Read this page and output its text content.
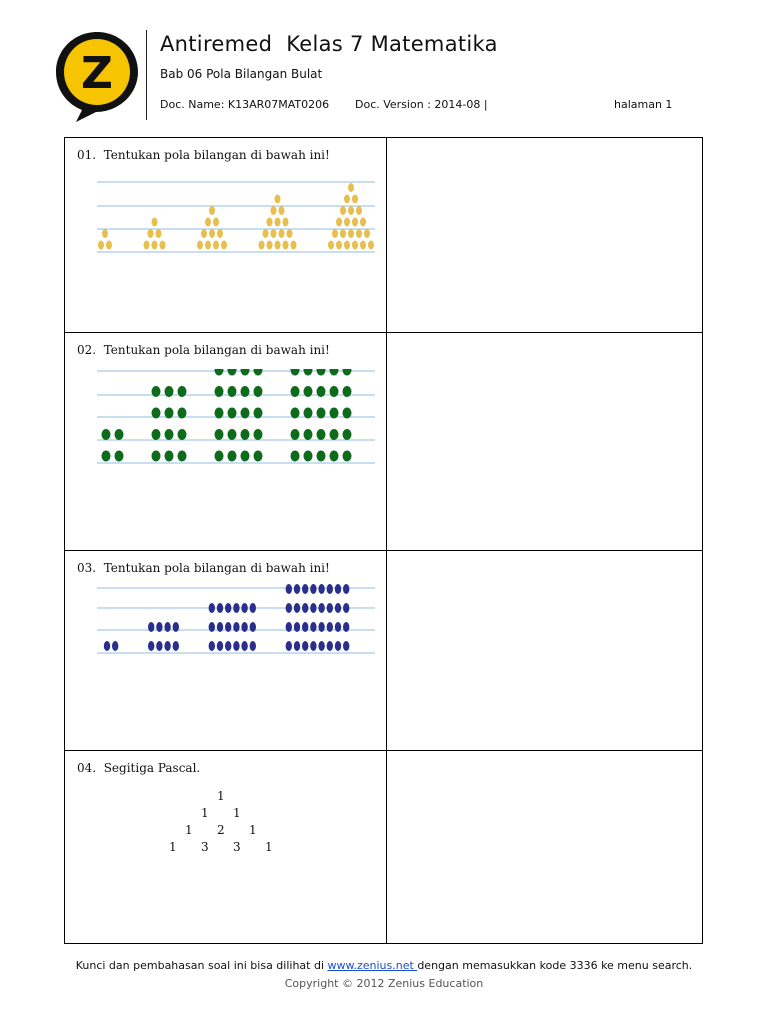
Z
Antiremed  Kelas 7 Matematika
Bab 06 Pola Bilangan Bulat
Doc. Name: K13AR07MAT0206 Doc. Version : 2014-08 |	halaman 1
01.  Tentukan pola bilangan di bawah ini!
02.  Tentukan pola bilangan di bawah ini!
03.  Tentukan pola bilangan di bawah ini!
04.  Segitiga Pascal.
1
1 1
1 2 1
1 3 3 1
Kunci dan pembahasan soal ini bisa dilihat di www.zenius.net dengan memasukkan kode 3336 ke menu search.
Copyright © 2012 Zenius Education
